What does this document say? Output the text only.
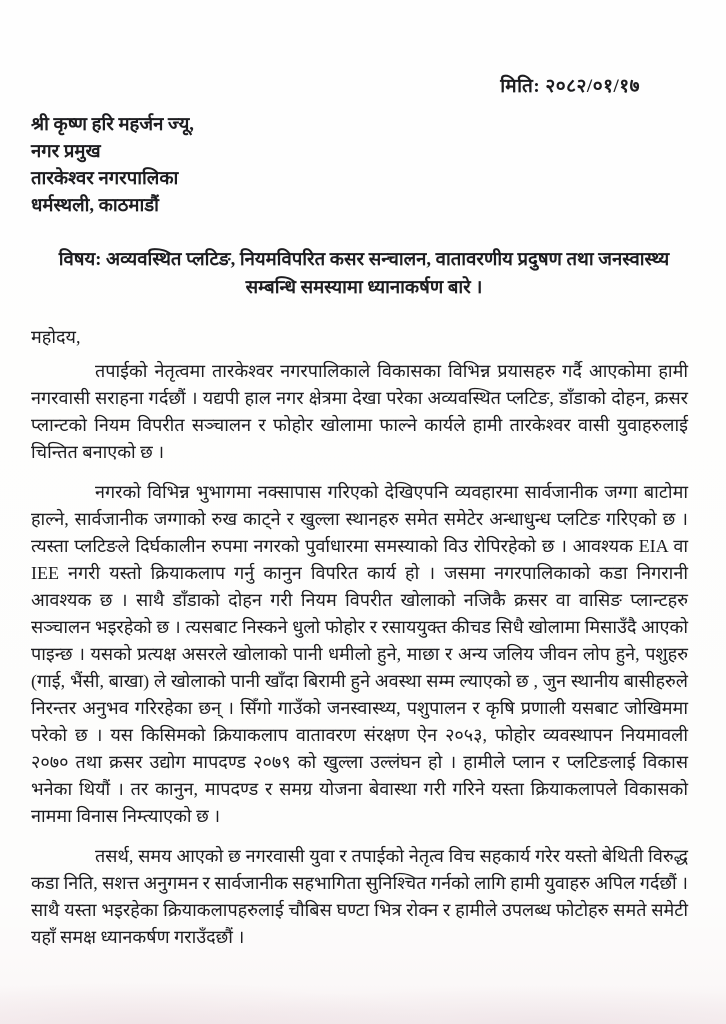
मिति: २०८२/०१/१७
श्री कृष्ण हरि महर्जन ज्यू,
नगर प्रमुख
तारकेश्वर नगरपालिका
धर्मस्थली, काठमाडौं
विषय: अव्यवस्थित प्लटिङ, नियमविपरित कसर सन्चालन, वातावरणीय प्रदुषण तथा जनस्वास्थ्य सम्बन्धि समस्यामा ध्यानाकर्षण बारे ।
महोदय,

तपाईको नेतृत्वमा तारकेश्वर नगरपालिकाले विकासका विभिन्न प्रयासहरु गर्दै आएकोमा हामी नगरवासी सराहना गर्दछौं । यद्यपी हाल नगर क्षेत्रमा देखा परेका अव्यवस्थित प्लटिङ, डाँडाको दोहन, क्रसर प्लान्टको नियम विपरीत सञ्चालन र फोहोर खोलामा फाल्ने कार्यले हामी तारकेश्वर वासी युवाहरुलाई चिन्तित बनाएको छ ।

नगरको विभिन्न भुभागमा नक्सापास गरिएको देखिएपनि व्यवहारमा सार्वजानीक जग्गा बाटोमा हाल्ने, सार्वजानीक जग्गाको रुख काट्ने र खुल्ला स्थानहरु समेत समेटेर अन्धाधुन्ध प्लटिङ गरिएको छ । त्यस्ता प्लटिङले दिर्घकालीन रुपमा नगरको पुर्वाधारमा समस्याको विउ रोपिरहेको छ । आवश्यक EIA वा IEE नगरी यस्तो क्रियाकलाप गर्नु कानुन विपरित कार्य हो । जसमा नगरपालिकाको कडा निगरानी आवश्यक छ । साथै डाँडाको दोहन गरी नियम विपरीत खोलाको नजिकै क्रसर वा वासिङ प्लान्टहरु सञ्चालन भइरहेको छ । त्यसबाट निस्कने धुलो फोहोर र रसाययुक्त कीचड सिधै खोलामा मिसाउँदै आएको पाइन्छ । यसको प्रत्यक्ष असरले खोलाको पानी धमीलो हुने, माछा र अन्य जलिय जीवन लोप हुने, पशुहरु (गाई, भैंसी, बाखा) ले खोलाको पानी खाँदा बिरामी हुने अवस्था सम्म ल्याएको छ , जुन स्थानीय बासीहरुले निरन्तर अनुभव गरिरहेका छन् । सिँगो गाउँको जनस्वास्थ्य, पशुपालन र कृषि प्रणाली यसबाट जोखिममा परेको छ । यस किसिमको क्रियाकलाप वातावरण संरक्षण ऐन २०५३, फोहोर व्यवस्थापन नियमावली २०७० तथा क्रसर उद्योग मापदण्ड २०७९ को खुल्ला उल्लंघन हो । हामीले प्लान र प्लटिङलाई विकास भनेका थियौं । तर कानुन, मापदण्ड र समग्र योजना बेवास्था गरी गरिने यस्ता क्रियाकलापले विकासको नाममा विनास निम्त्याएको छ ।

तसर्थ, समय आएको छ नगरवासी युवा र तपाईको नेतृत्व विच सहकार्य गरेर यस्तो बेथिती विरुद्ध कडा निति, सशत्त अनुगमन र सार्वजानीक सहभागिता सुनिश्चित गर्नको लागि हामी युवाहरु अपिल गर्दछौं । साथै यस्ता भइरहेका क्रियाकलापहरुलाई चौबिस घण्टा भित्र रोक्न र हामीले उपलब्ध फोटोहरु समते समेटी यहाँ समक्ष ध्यानकर्षण गराउँदछौं ।
